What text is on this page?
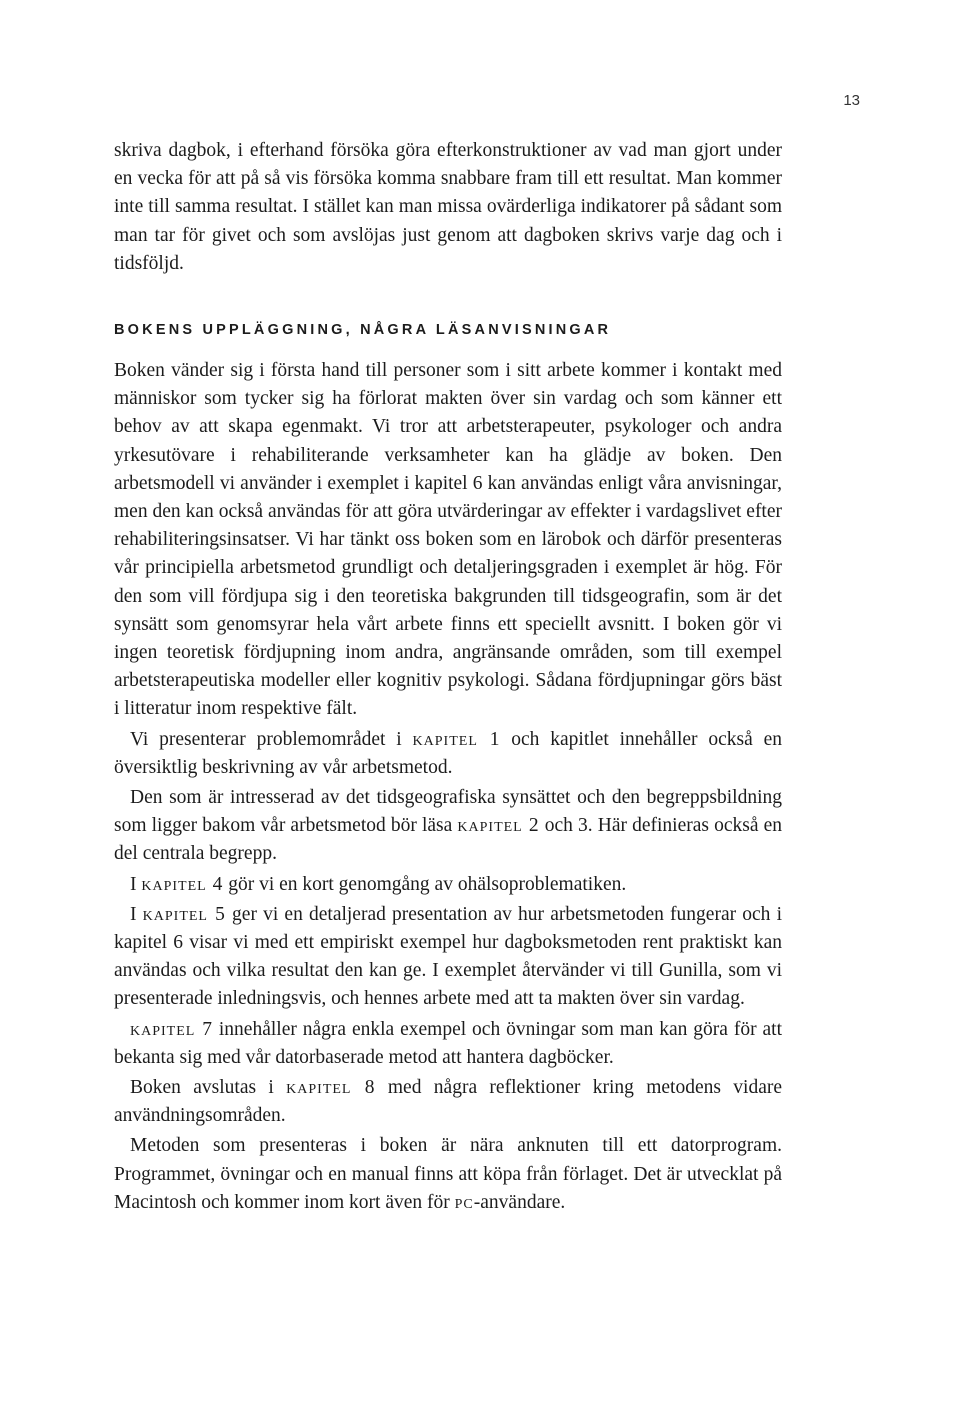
13

skriva dagbok, i efterhand försöka göra efterkonstruktioner av vad man gjort under en vecka för att på så vis försöka komma snabbare fram till ett resultat. Man kommer inte till samma resultat. I stället kan man missa ovärderliga indikatorer på sådant som man tar för givet och som avslöjas just genom att dagboken skrivs varje dag och i tidsföljd.

BOKENS UPPLÄGGNING, NÅGRA LÄSANVISNINGAR

Boken vänder sig i första hand till personer som i sitt arbete kommer i kontakt med människor som tycker sig ha förlorat makten över sin vardag och som känner ett behov av att skapa egenmakt. Vi tror att arbetsterapeuter, psykologer och andra yrkesutövare i rehabiliterande verksamheter kan ha glädje av boken. Den arbetsmodell vi använder i exemplet i kapitel 6 kan användas enligt våra anvisningar, men den kan också användas för att göra utvärderingar av effekter i vardagslivet efter rehabiliteringsinsatser. Vi har tänkt oss boken som en lärobok och därför presenteras vår principiella arbetsmetod grundligt och detaljeringsgraden i exemplet är hög. För den som vill fördjupa sig i den teoretiska bakgrunden till tidsgeografin, som är det synsätt som genomsyrar hela vårt arbete finns ett speciellt avsnitt. I boken gör vi ingen teoretisk fördjupning inom andra, angränsande områden, som till exempel arbetsterapeutiska modeller eller kognitiv psykologi. Sådana fördjupningar görs bäst i litteratur inom respektive fält.

Vi presenterar problemområdet i kapitel 1 och kapitlet innehåller också en översiktlig beskrivning av vår arbetsmetod.

Den som är intresserad av det tidsgeografiska synsättet och den begreppsbildning som ligger bakom vår arbetsmetod bör läsa kapitel 2 och 3. Här definieras också en del centrala begrepp.

I kapitel 4 gör vi en kort genomgång av ohälsoproblematiken.

I kapitel 5 ger vi en detaljerad presentation av hur arbetsmetoden fungerar och i kapitel 6 visar vi med ett empiriskt exempel hur dagboksmetoden rent praktiskt kan användas och vilka resultat den kan ge. I exemplet återvänder vi till Gunilla, som vi presenterade inledningsvis, och hennes arbete med att ta makten över sin vardag.

kapitel 7 innehåller några enkla exempel och övningar som man kan göra för att bekanta sig med vår datorbaserade metod att hantera dagböcker.

Boken avslutas i kapitel 8 med några reflektioner kring metodens vidare användningsområden.

Metoden som presenteras i boken är nära anknuten till ett datorprogram. Programmet, övningar och en manual finns att köpa från förlaget. Det är utvecklat på Macintosh och kommer inom kort även för pc-användare.
